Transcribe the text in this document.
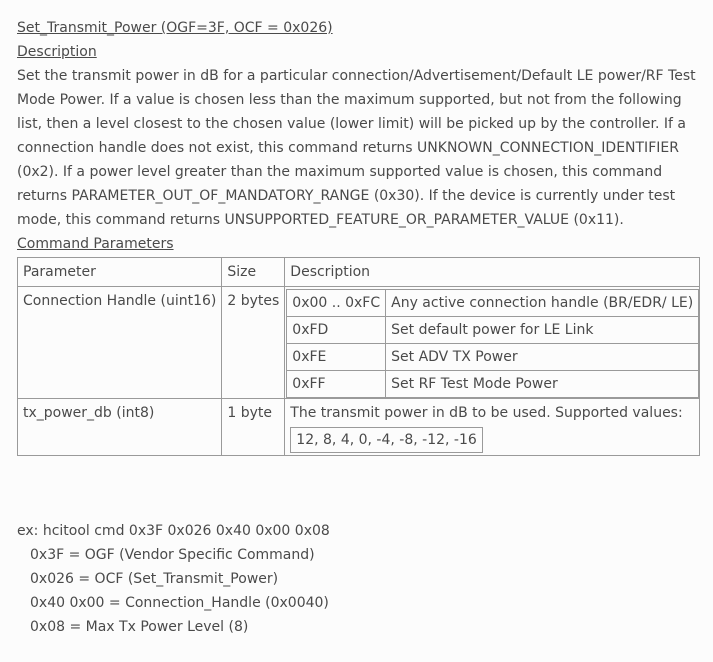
Set_Transmit_Power (OGF=3F, OCF = 0x026)

Description

Set the transmit power in dB for a particular connection/Advertisement/Default LE power/RF Test Mode Power. If a value is chosen less than the maximum supported, but not from the following list, then a level closest to the chosen value (lower limit) will be picked up by the controller. If a connection handle does not exist, this command returns UNKNOWN_CONNECTION_IDENTIFIER (0x2). If a power level greater than the maximum supported value is chosen, this command returns PARAMETER_OUT_OF_MANDATORY_RANGE (0x30). If the device is currently under test mode, this command returns UNSUPPORTED_FEATURE_OR_PARAMETER_VALUE (0x11).

Command Parameters

Parameter	Size	Description
Connection Handle (uint16)	2 bytes	0x00 .. 0xFC	Any active connection handle (BR/EDR/ LE)
0xFD	Set default power for LE Link
0xFE	Set ADV TX Power
0xFF	Set RF Test Mode Power

tx_power_db (int8)	1 byte	The transmit power in dB to be used. Supported values:
12, 8, 4, 0, -4, -8, -12, -16

ex: hcitool cmd 0x3F 0x026 0x40 0x00 0x08

0x3F = OGF (Vendor Specific Command)

0x026 = OCF (Set_Transmit_Power)

0x40 0x00 = Connection_Handle (0x0040)

0x08 = Max Tx Power Level (8)
